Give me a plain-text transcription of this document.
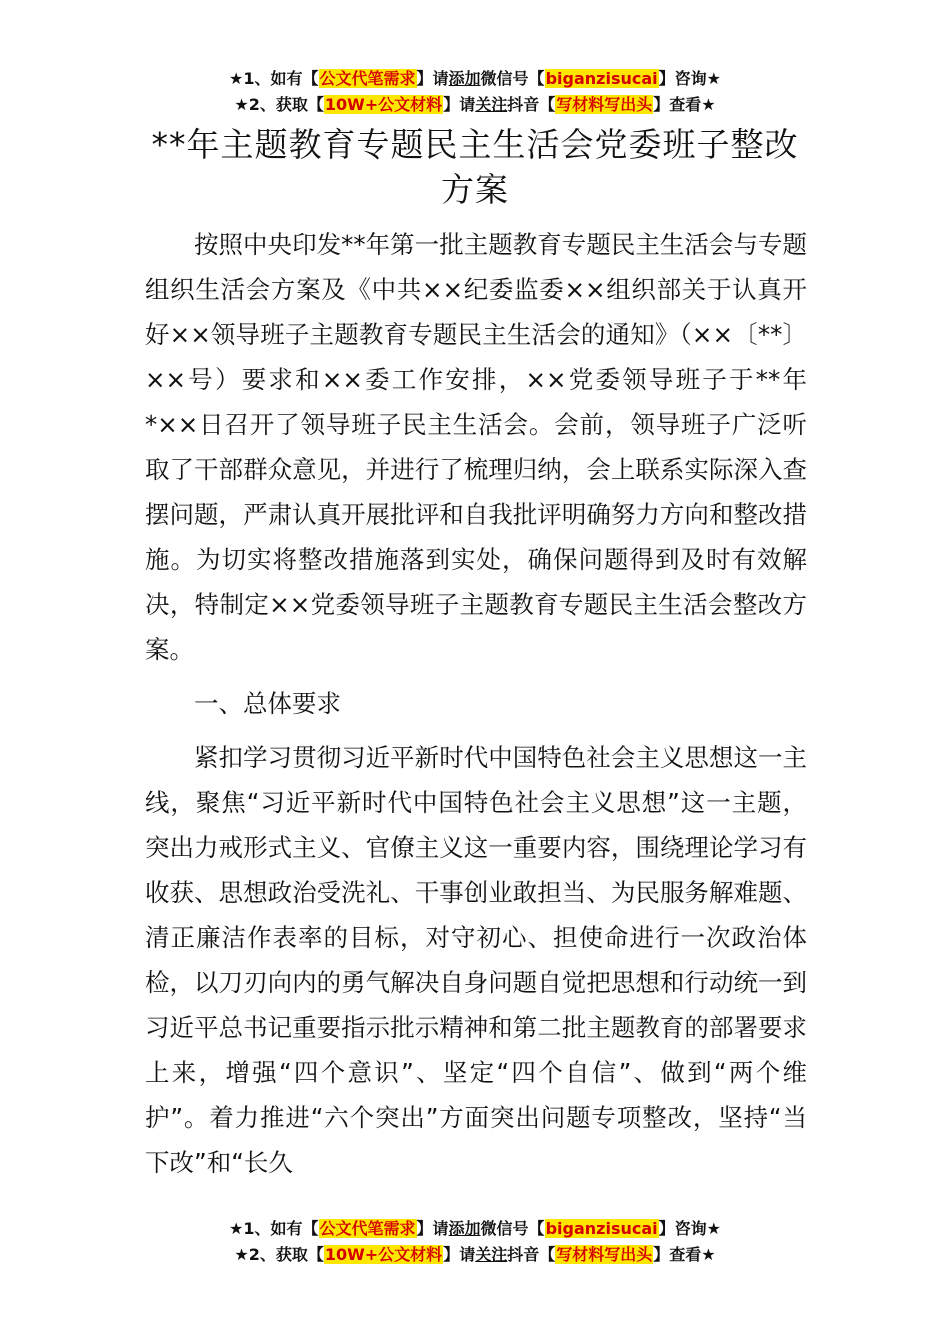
★1、如有【公文代笔需求】请添加微信号【biganzisucai】咨询★
★2、获取【10W+公文材料】请关注抖音【写材料写出头】查看★
**年主题教育专题民主生活会党委班子整改方案

按照中央印发**年第一批主题教育专题民主生活会与专题组织生活会方案及《中共××纪委监委××组织部关于认真开好××领导班子主题教育专题民主生活会的通知》（××〔**〕××号）要求和××委工作安排，××党委领导班子于**年*××日召开了领导班子民主生活会。会前，领导班子广泛听取了干部群众意见，并进行了梳理归纳，会上联系实际深入查摆问题，严肃认真开展批评和自我批评明确努力方向和整改措施。为切实将整改措施落到实处，确保问题得到及时有效解决，特制定××党委领导班子主题教育专题民主生活会整改方案。

一、总体要求

紧扣学习贯彻习近平新时代中国特色社会主义思想这一主线，聚焦“习近平新时代中国特色社会主义思想”这一主题，突出力戒形式主义、官僚主义这一重要内容，围绕理论学习有收获、思想政治受洗礼、干事创业敢担当、为民服务解难题、清正廉洁作表率的目标，对守初心、担使命进行一次政治体检，以刀刃向内的勇气解决自身问题自觉把思想和行动统一到习近平总书记重要指示批示精神和第二批主题教育的部署要求上来，增强“四个意识”、坚定“四个自信”、做到“两个维护”。着力推进“六个突出”方面突出问题专项整改，坚持“当下改”和“长久

★1、如有【公文代笔需求】请添加微信号【biganzisucai】咨询★
★2、获取【10W+公文材料】请关注抖音【写材料写出头】查看★
